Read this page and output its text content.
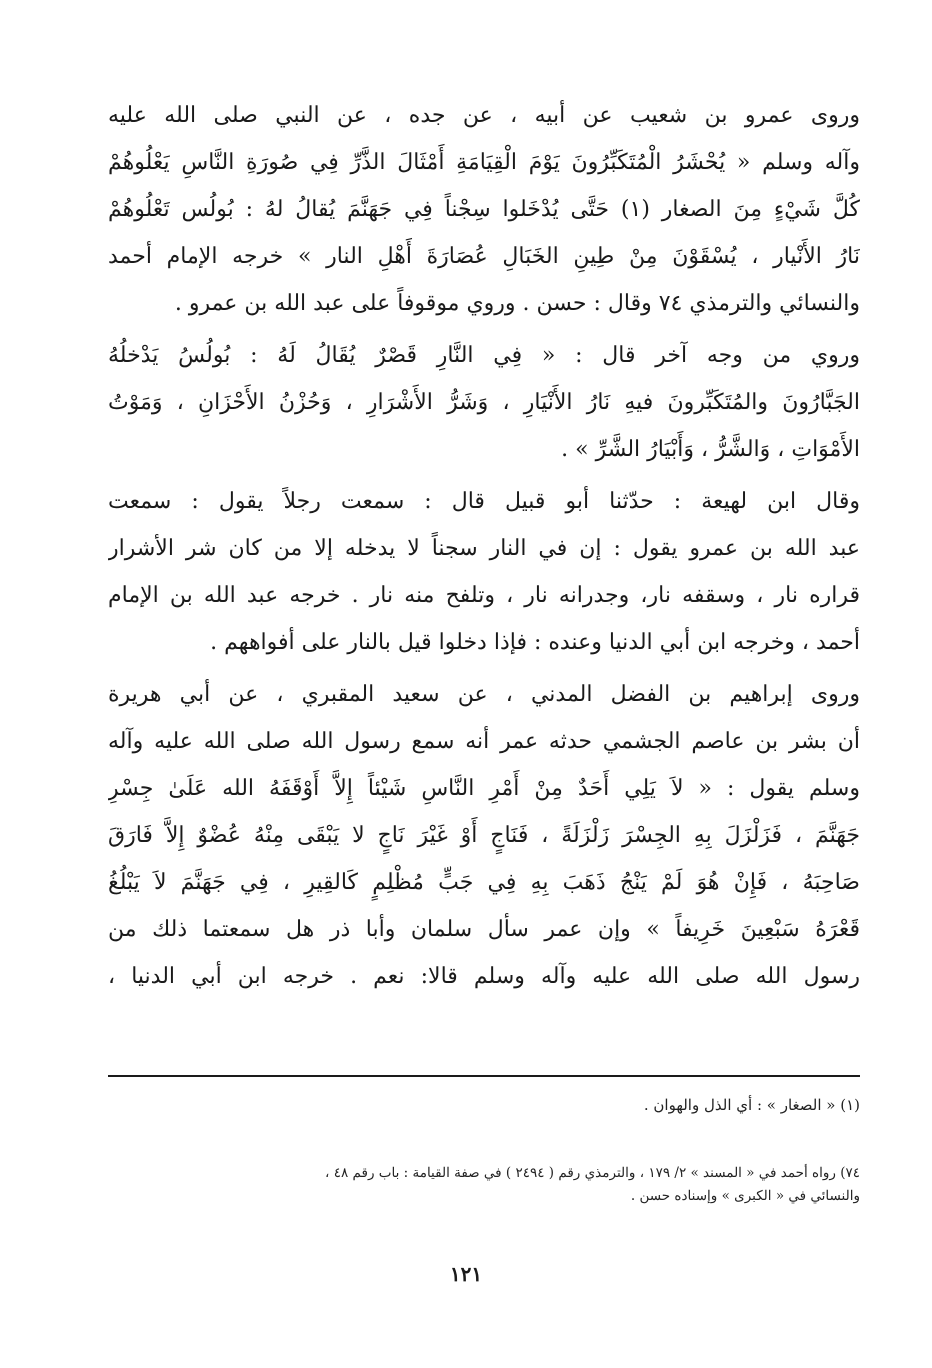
وروى عمرو بن شعيب عن أبيه ، عن جده ، عن النبي صلى الله عليه
وآله وسلم « يُحْشَرُ الْمُتَكَبِّرُونَ يَوْمَ الْقِيَامَةِ أَمْثَالَ الذَّرِّ فِي صُورَةِ النَّاسِ يَعْلُوهُمْ
كُلَّ شَيْءٍ مِنَ الصغار (١) حَتَّى يُدْخَلوا سِجْناً فِي جَهَنَّمَ يُقالُ لهُ : بُولُس تَعْلُوهُمْ
نَارُ الأَنْيار ، يُسْقَوْنَ مِنْ طِينِ الخَبَالِ عُصَارَةَ أَهْلِ النار » خرجه الإمام أحمد
والنسائي والترمذي ٧٤ وقال : حسن . وروي موقوفاً على عبد الله بن عمرو .
وروي من وجه آخر قال : « فِي النَّارِ قَصْرٌ يُقَالُ لَهُ : بُولُسُ يَدْخلُهُ
الجَبَّارُونَ والمُتَكَبِّرونَ فيهِ نَارُ الأَنْيَارِ ، وَشَرُّ الأَشْرَارِ ، وَحُزْنُ الأَحْزَانِ ، وَمَوْتُ
الأَمْوَاتِ ، وَالشَّرُّ ، وَأَبْيَارُ الشَّرِّ » .
وقال ابن لهيعة : حدّثنا أبو قبيل قال : سمعت رجلاً يقول : سمعت
عبد الله بن عمرو يقول : إن في النار سجناً لا يدخله إلا من كان شر الأشرار
قراره نار ، وسقفه نار، وجدرانه نار ، وتلفح منه نار . خرجه عبد الله بن الإمام
أحمد ، وخرجه ابن أبي الدنيا وعنده : فإذا دخلوا قيل بالنار على أفواههم .
وروى إبراهيم بن الفضل المدني ، عن سعيد المقبري ، عن أبي هريرة
أن بشر بن عاصم الجشمي حدثه عمر أنه سمع رسول الله صلى الله عليه وآله
وسلم يقول : « لاَ يَلِي أَحَدٌ مِنْ أَمْرِ النَّاسِ شَيْئاً إِلاَّ أَوْقَفَهُ الله عَلَىٰ جِسْرِ
جَهَنَّمَ ، فَزَلْزَلَ بِهِ الجِسْرَ زَلْزَلَةً ، فَنَاجٍ أَوْ غَيْرَ نَاجٍ لا يَبْقَى مِنْهُ عُضْوٌ إِلاَّ فَارَقَ
صَاحِبَهُ ، فَإِنْ هُوَ لَمْ يَنْجُ ذَهَبَ بِهِ فِي جَبٍّ مُظْلِمٍ كَالقِيرِ ، فِي جَهَنَّمَ لاَ يَبْلُغُ
قَعْرَهُ سَبْعِينَ خَرِيفاً » وإن عمر سأل سلمان وأبا ذر هل سمعتما ذلك من
رسول الله صلى الله عليه وآله وسلم قالا: نعم . خرجه ابن أبي الدنيا ،
(١) « الصغار » : أي الذل والهوان .
٧٤) رواه أحمد في « المسند » ٢/ ١٧٩ ، والترمذي رقم ( ٢٤٩٤ ) في صفة القيامة : باب رقم ٤٨ ،
والنسائي في « الكبرى » وإسناده حسن .
١٢١
